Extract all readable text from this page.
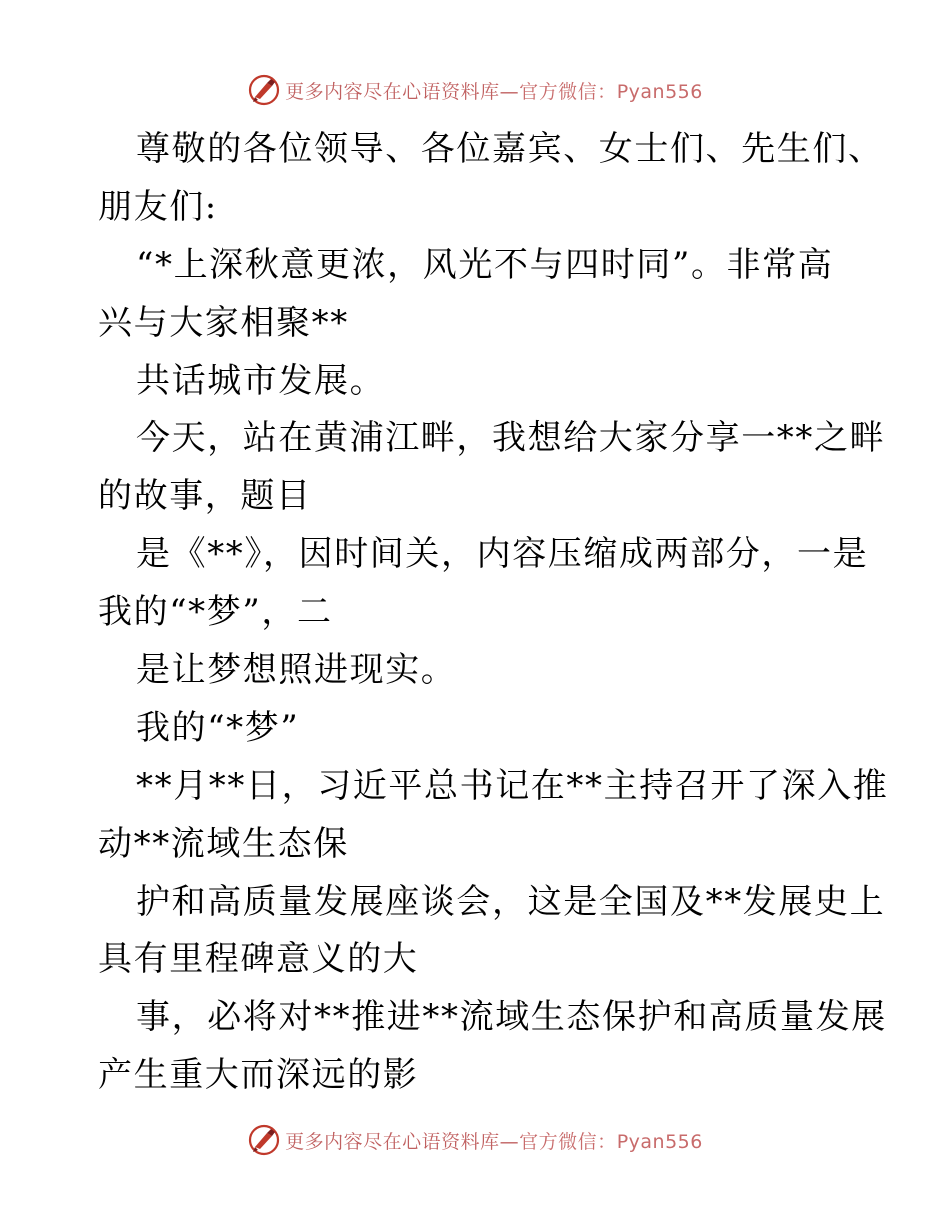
更多内容尽在心语资料库—官方微信：Pyan556
尊敬的各位领导、各位嘉宾、女士们、先生们、
朋友们:
“*上深秋意更浓，风光不与四时同”。非常高
兴与大家相聚**
共话城市发展。
今天，站在黄浦江畔，我想给大家分享一**之畔
的故事，题目
是《**》，因时间关，内容压缩成两部分，一是
我的“*梦”，二
是让梦想照进现实。
我的“*梦”
**月**日，习近平总书记在**主持召开了深入推
动**流域生态保
护和高质量发展座谈会，这是全国及**发展史上
具有里程碑意义的大
事，必将对**推进**流域生态保护和高质量发展
产生重大而深远的影
更多内容尽在心语资料库—官方微信：Pyan556
